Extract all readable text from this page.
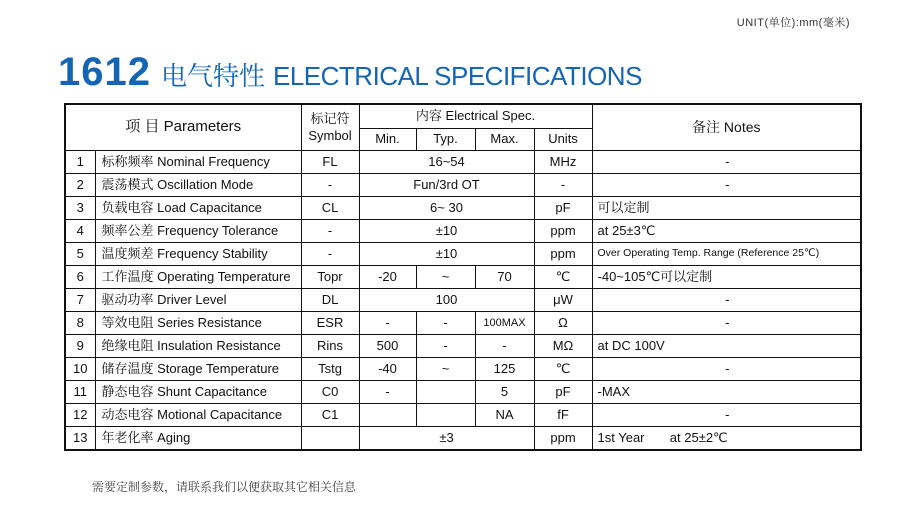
UNIT(单位):mm(毫米)
1612 电气特性 ELECTRICAL SPECIFICATIONS
项 目 Parameters		标记符 Symbol	内容 Electrical Spec.				备注 Notes
			Min.	Typ.	Max.	Units	
1	标称频率 Nominal Frequency	FL	16~54			MHz	-
2	震荡模式 Oscillation Mode	-	Fun/3rd OT			-	-
3	负载电容 Load Capacitance	CL	6~ 30			pF	可以定制
4	频率公差 Frequency Tolerance	-	±10			ppm	at 25±3℃
5	温度频差 Frequency Stability	-	±10			ppm	Over Operating Temp. Range (Reference 25℃)
6	工作温度 Operating Temperature	Topr	-20	~	70	℃	-40~105℃可以定制
7	驱动功率 Driver Level	DL	100			μW	-
8	等效电阻 Series Resistance	ESR	-	-	100MAX	Ω	-
9	绝缘电阻 Insulation Resistance	Rins	500	-	-	MΩ	at DC 100V
10	储存温度 Storage Temperature	Tstg	-40	~	125	℃	-
11	静态电容 Shunt Capacitance	C0	-		5	pF	-MAX
12	动态电容 Motional Capacitance	C1			NA	fF	-
13	年老化率 Aging		±3			ppm	1st Year       at 25±2℃
需要定制参数，请联系我们以便获取其它相关信息
